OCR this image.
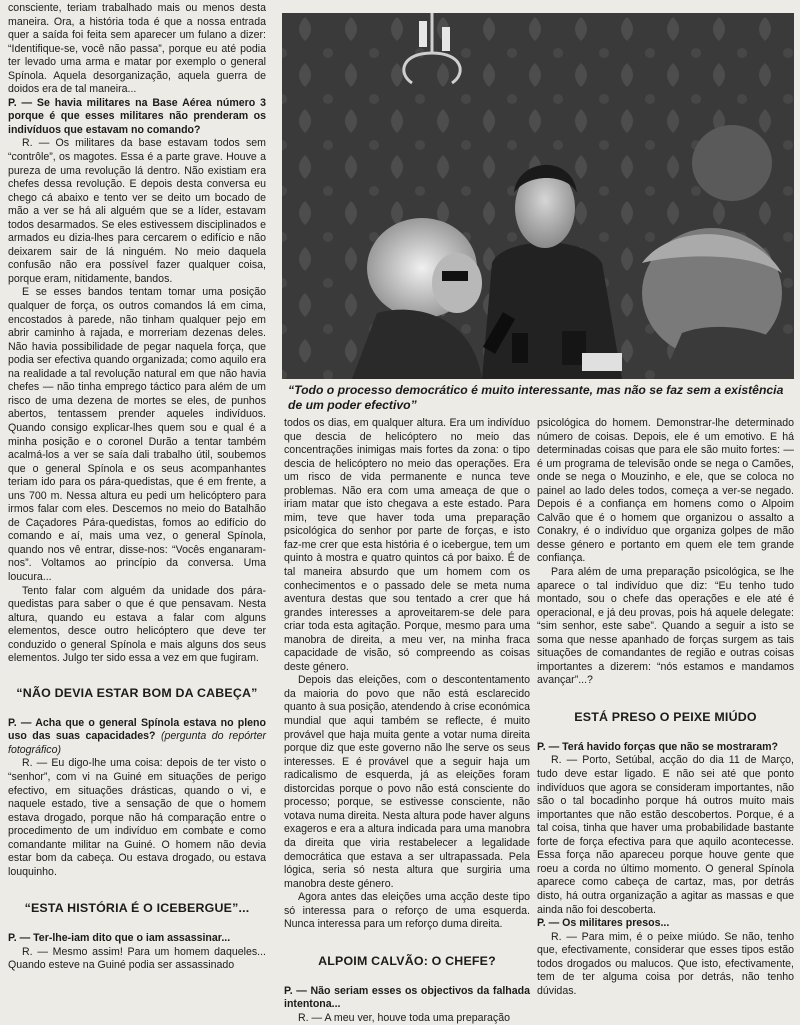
consciente, teriam trabalhado mais ou menos desta maneira. Ora, a história toda é que a nossa entrada quer a saída foi feita sem aparecer um fulano a dizer: “Identifique-se, você não passa”, porque eu até podia ter levado uma arma e matar por exemplo o general Spínola. Aquela desorganização, aquela guerra de doidos era de tal maneira...

P. — Se havia militares na Base Aérea número 3 porque é que esses militares não prenderam os indivíduos que estavam no comando?

R. — Os militares da base estavam todos sem “contrôle”, os magotes. Essa é a parte grave. Houve a pureza de uma revolução lá dentro. Não existiam era chefes dessa revolução. E depois desta conversa eu chego cá abaixo e tento ver se deito um bocado de mão a ver se há ali alguém que se a líder, estavam todos desarmados. Se eles estivessem disciplinados e armados eu dizia-lhes para cercarem o edifício e não deixarem sair de lá ninguém. No meio daquela confusão não era possível fazer qualquer coisa, porque eram, nitidamente, bandos.

E se esses bandos tentam tomar uma posição qualquer de força, os outros comandos lá em cima, encostados à parede, não tinham qualquer pejo em abrir caminho à rajada, e morreriam dezenas deles. Não havia possibilidade de pegar naquela força, que podia ser efectiva quando organizada; como aquilo era na realidade a tal revolução natural em que não havia chefes — não tinha emprego táctico para além de um risco de uma dezena de mortes se eles, de punhos abertos, tentassem prender aqueles indivíduos. Quando consigo explicar-lhes quem sou e qual é a minha posição e o coronel Durão a tentar também acalmá-los a ver se saía dali trabalho útil, soubemos que o general Spínola e os seus acompanhantes teriam ido para os pára-quedistas, que é em frente, a uns 700 m. Nessa altura eu pedi um helicóptero para irmos falar com eles. Descemos no meio do Batalhão de Caçadores Pára-quedistas, fomos ao edifício do comando e aí, mais uma vez, o general Spínola, quando nos vê entrar, disse-nos: “Vocês enganaram-nos”. Voltamos ao princípio da conversa. Uma loucura...

Tento falar com alguém da unidade dos pára-quedistas para saber o que é que pensavam. Nesta altura, quando eu estava a falar com alguns elementos, desce outro helicóptero que deve ter conduzido o general Spínola e mais alguns dos seus elementos. Julgo ter sido essa a vez em que fugiram.

“NÃO DEVIA ESTAR BOM DA CABEÇA”

P. — Acha que o general Spínola estava no pleno uso das suas capacidades? (pergunta do repórter fotográfico)

R. — Eu digo-lhe uma coisa: depois de ter visto o “senhor”, com vi na Guiné em situações de perigo efectivo, em situações drásticas, quando o vi, e naquele estado, tive a sensação de que o homem estava drogado, porque não há comparação entre o procedimento de um indivíduo em combate e como comandante militar na Guiné. O homem não devia estar bom da cabeça. Ou estava drogado, ou estava louquinho.

“ESTA HISTÓRIA É O ICEBERGUE”...

P. — Ter-lhe-iam dito que o iam assassinar...

R. — Mesmo assim! Para um homem daqueles... Quando esteve na Guiné podia ser assassinado

“Todo o processo democrático é muito interessante, mas não se faz sem a existência de um poder efectivo”

todos os dias, em qualquer altura. Era um indivíduo que descia de helicóptero no meio das concentrações inimigas mais fortes da zona: o tipo descia de helicóptero no meio das operações. Era um risco de vida permanente e nunca teve problemas. Não era com uma ameaça de que o iriam matar que isto chegava a este estado. Para mim, teve que haver toda uma preparação psicológica do senhor por parte de forças, e isto faz-me crer que esta história é o icebergue, tem um quinto à mostra e quatro quintos cá por baixo. É de tal maneira absurdo que um homem com os conhecimentos e o passado dele se meta numa aventura destas que sou tentado a crer que há grandes interesses a aproveitarem-se dele para criar toda esta agitação. Porque, mesmo para uma manobra de direita, a meu ver, na minha fraca capacidade de visão, só compreendo as coisas deste género.

Depois das eleições, com o descontentamento da maioria do povo que não está esclarecido quanto à sua posição, atendendo à crise económica mundial que aqui também se reflecte, é muito provável que haja muita gente a votar numa direita porque diz que este governo não lhe serve os seus interesses. E é provável que a seguir haja um radicalismo de esquerda, já as eleições foram distorcidas porque o povo não está consciente do processo; porque, se estivesse consciente, não votava numa direita. Nesta altura pode haver alguns exageros e era a altura indicada para uma manobra da direita que viria restabelecer a legalidade democrática que estava a ser ultrapassada. Pela lógica, seria só nesta altura que surgiria uma manobra deste género.

Agora antes das eleições uma acção deste tipo só interessa para o reforço de uma esquerda. Nunca interessa para um reforço duma direita.

ALPOIM CALVÃO: O CHEFE?

P. — Não seriam esses os objectivos da falhada intentona...

R. — A meu ver, houve toda uma preparação

psicológica do homem. Demonstrar-lhe determinado número de coisas. Depois, ele é um emotivo. E há determinadas coisas que para ele são muito fortes: — é um programa de televisão onde se nega o Camões, onde se nega o Mouzinho, e ele, que se coloca no painel ao lado deles todos, começa a ver-se negado. Depois é a confiança em homens como o Alpoim Calvão que é o homem que organizou o assalto a Conakry, é o indivíduo que organiza golpes de mão desse género e portanto em quem ele tem grande confiança.

Para além de uma preparação psicológica, se lhe aparece o tal indivíduo que diz: “Eu tenho tudo montado, sou o chefe das operações e ele até é operacional, e já deu provas, pois há aquele delegate: “sim senhor, este sabe”. Quando a seguir a isto se soma que nesse apanhado de forças surgem as tais situações de comandantes de região e outras coisas importantes a dizerem: “nós estamos e mandamos avançar”...?

ESTÁ PRESO O PEIXE MIÚDO

P. — Terá havido forças que não se mostraram?

R. — Porto, Setúbal, acção do dia 11 de Março, tudo deve estar ligado. E não sei até que ponto indivíduos que agora se consideram importantes, não são o tal bocadinho porque há outros muito mais importantes que não estão descobertos. Porque, é a tal coisa, tinha que haver uma probabilidade bastante forte de força efectiva para que aquilo acontecesse. Essa força não apareceu porque houve gente que roeu a corda no último momento. O general Spínola aparece como cabeça de cartaz, mas, por detrás disto, há outra organização a agitar as massas e que ainda não foi descoberta.

P. — Os militares presos...

R. — Para mim, é o peixe miúdo. Se não, tenho que, efectivamente, considerar que esses tipos estão todos drogados ou malucos. Que isto, efectivamente, tem de ter alguma coisa por detrás, não tenho dúvidas.
